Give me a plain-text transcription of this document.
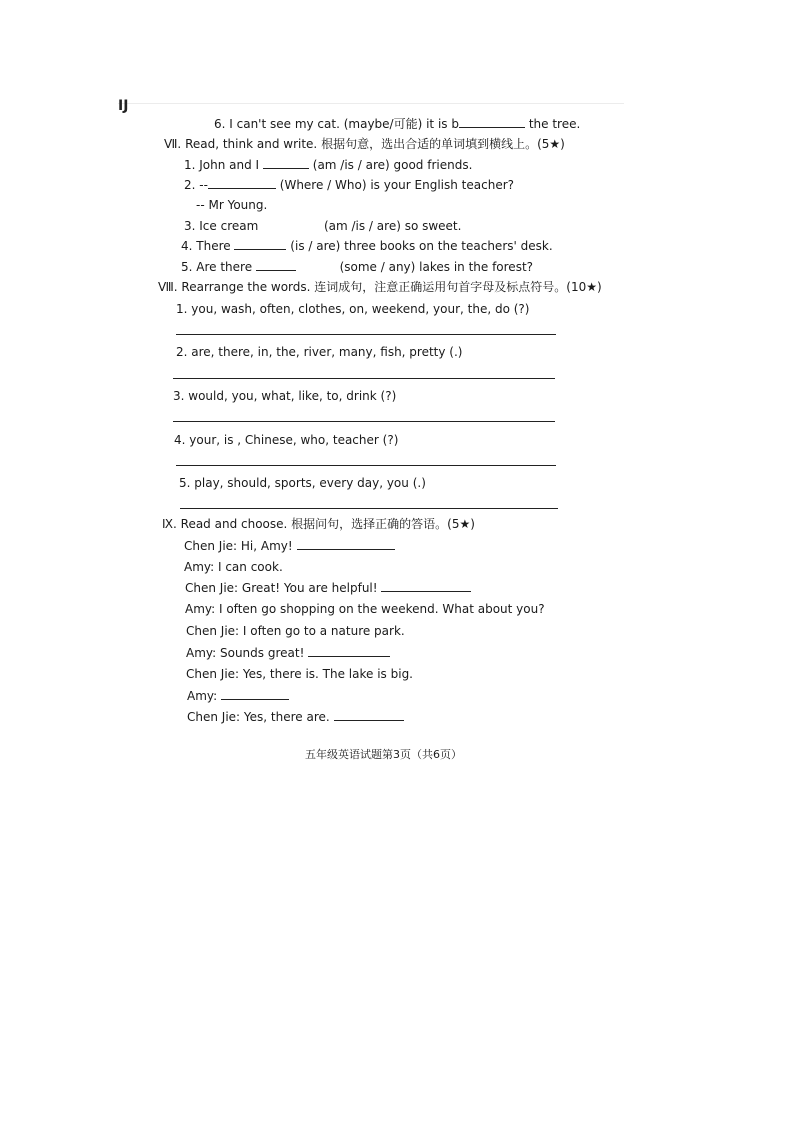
IJ
6. I can't see my cat. (maybe/可能) it is b	the tree.
Ⅶ. Read, think and write. 根据句意，选出合适的单词填到横线上。(5★)
1. John and I	(am /is / are) good friends.
2. --	(Where / Who) is your English teacher?
-- Mr Young.
3. Ice cream	(am /is / are) so sweet.
4. There	(is / are) three books on the teachers' desk.
5. Are there	(some / any) lakes in the forest?
Ⅷ. Rearrange the words. 连词成句，注意正确运用句首字母及标点符号。(10★)
1. you, wash, often, clothes, on, weekend, your, the, do (?)
2. are, there, in, the, river, many, fish, pretty (.)
3. would, you, what, like, to, drink (?)
4. your, is , Chinese, who, teacher (?)
5. play, should, sports, every day, you (.)
Ⅸ. Read and choose. 根据问句，选择正确的答语。(5★)
Chen Jie: Hi, Amy!
Amy: I can cook.
Chen Jie: Great! You are helpful!
Amy: I often go shopping on the weekend. What about you?
Chen Jie: I often go to a nature park.
Amy: Sounds great!
Chen Jie: Yes, there is. The lake is big.
Amy:
Chen Jie: Yes, there are.
五年级英语试题第3页（共6页）
